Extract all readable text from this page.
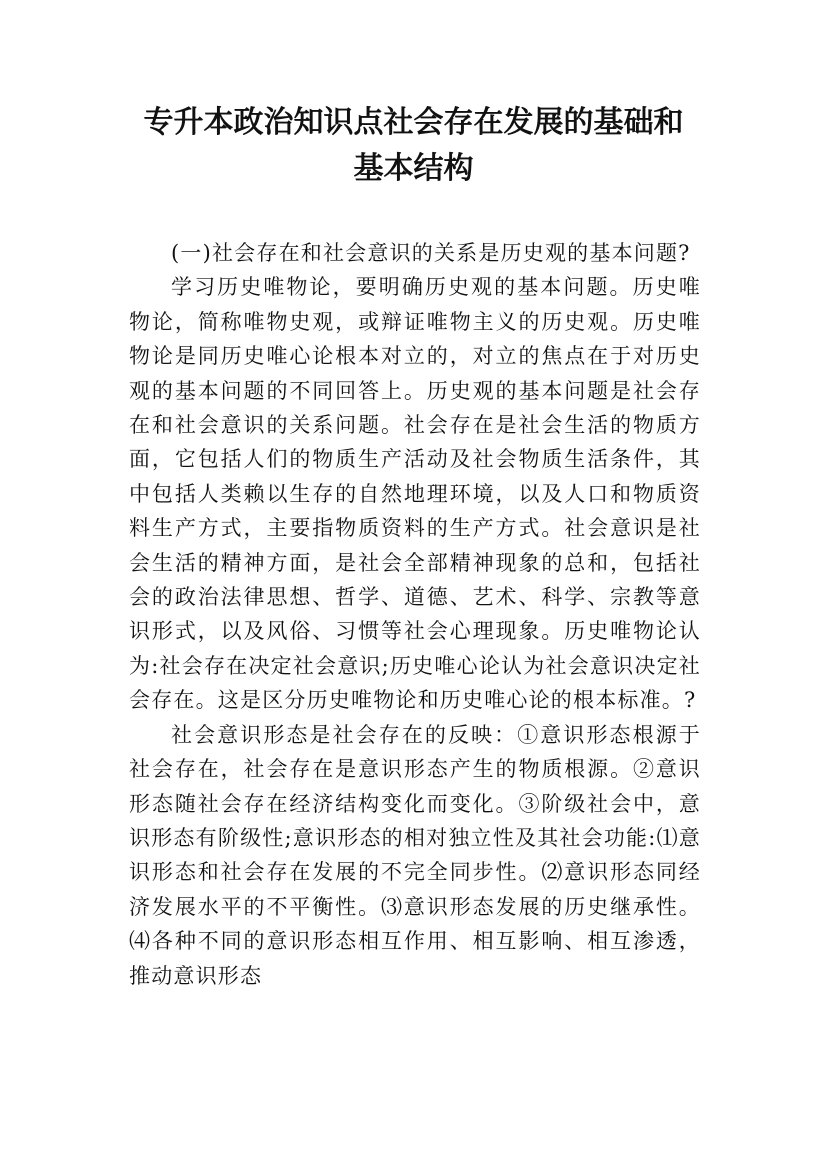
专升本政治知识点社会存在发展的基础和
基本结构

(一)社会存在和社会意识的关系是历史观的基本问题?

学习历史唯物论，要明确历史观的基本问题。历史唯物论，简称唯物史观，或辩证唯物主义的历史观。历史唯物论是同历史唯心论根本对立的，对立的焦点在于对历史观的基本问题的不同回答上。历史观的基本问题是社会存在和社会意识的关系问题。社会存在是社会生活的物质方面，它包括人们的物质生产活动及社会物质生活条件，其中包括人类赖以生存的自然地理环境，以及人口和物质资料生产方式，主要指物质资料的生产方式。社会意识是社会生活的精神方面，是社会全部精神现象的总和，包括社会的政治法律思想、哲学、道德、艺术、科学、宗教等意识形式，以及风俗、习惯等社会心理现象。历史唯物论认为:社会存在决定社会意识;历史唯心论认为社会意识决定社会存在。这是区分历史唯物论和历史唯心论的根本标准。?

社会意识形态是社会存在的反映：①意识形态根源于社会存在，社会存在是意识形态产生的物质根源。②意识形态随社会存在经济结构变化而变化。③阶级社会中，意识形态有阶级性;意识形态的相对独立性及其社会功能:⑴意识形态和社会存在发展的不完全同步性。⑵意识形态同经济发展水平的不平衡性。⑶意识形态发展的历史继承性。⑷各种不同的意识形态相互作用、相互影响、相互渗透，推动意识形态
